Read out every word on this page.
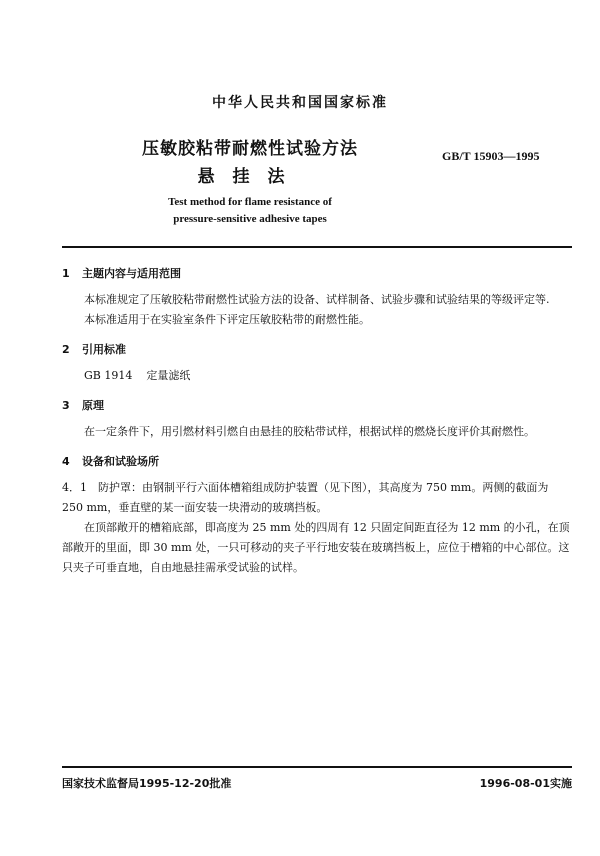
中华人民共和国国家标准
压敏胶粘带耐燃性试验方法
悬挂法
GB/T 15903—1995
Test method for flame resistance of
pressure-sensitive adhesive tapes
1 主题内容与适用范围

本标准规定了压敏胶粘带耐燃性试验方法的设备、试样制备、试验步骤和试验结果的等级评定等.

本标准适用于在实验室条件下评定压敏胶粘带的耐燃性能。

2 引用标准

GB 1914 定量滤纸

3 原理

在一定条件下，用引燃材料引燃自由悬挂的胶粘带试样，根据试样的燃烧长度评价其耐燃性。

4 设备和试验场所

4．1　防护罩：由钢制平行六面体槽箱组成防护装置（见下图），其高度为 750 mm。两侧的截面为 250 mm，垂直壁的某一面安装一块滑动的玻璃挡板。

在顶部敞开的槽箱底部，即高度为 25 mm 处的四周有 12 只固定间距直径为 12 mm 的小孔，在顶部敞开的里面，即 30 mm 处，一只可移动的夹子平行地安装在玻璃挡板上，应位于槽箱的中心部位。这只夹子可垂直地，自由地悬挂需承受试验的试样。

国家技术监督局1995-12-20批准	1996-08-01实施
